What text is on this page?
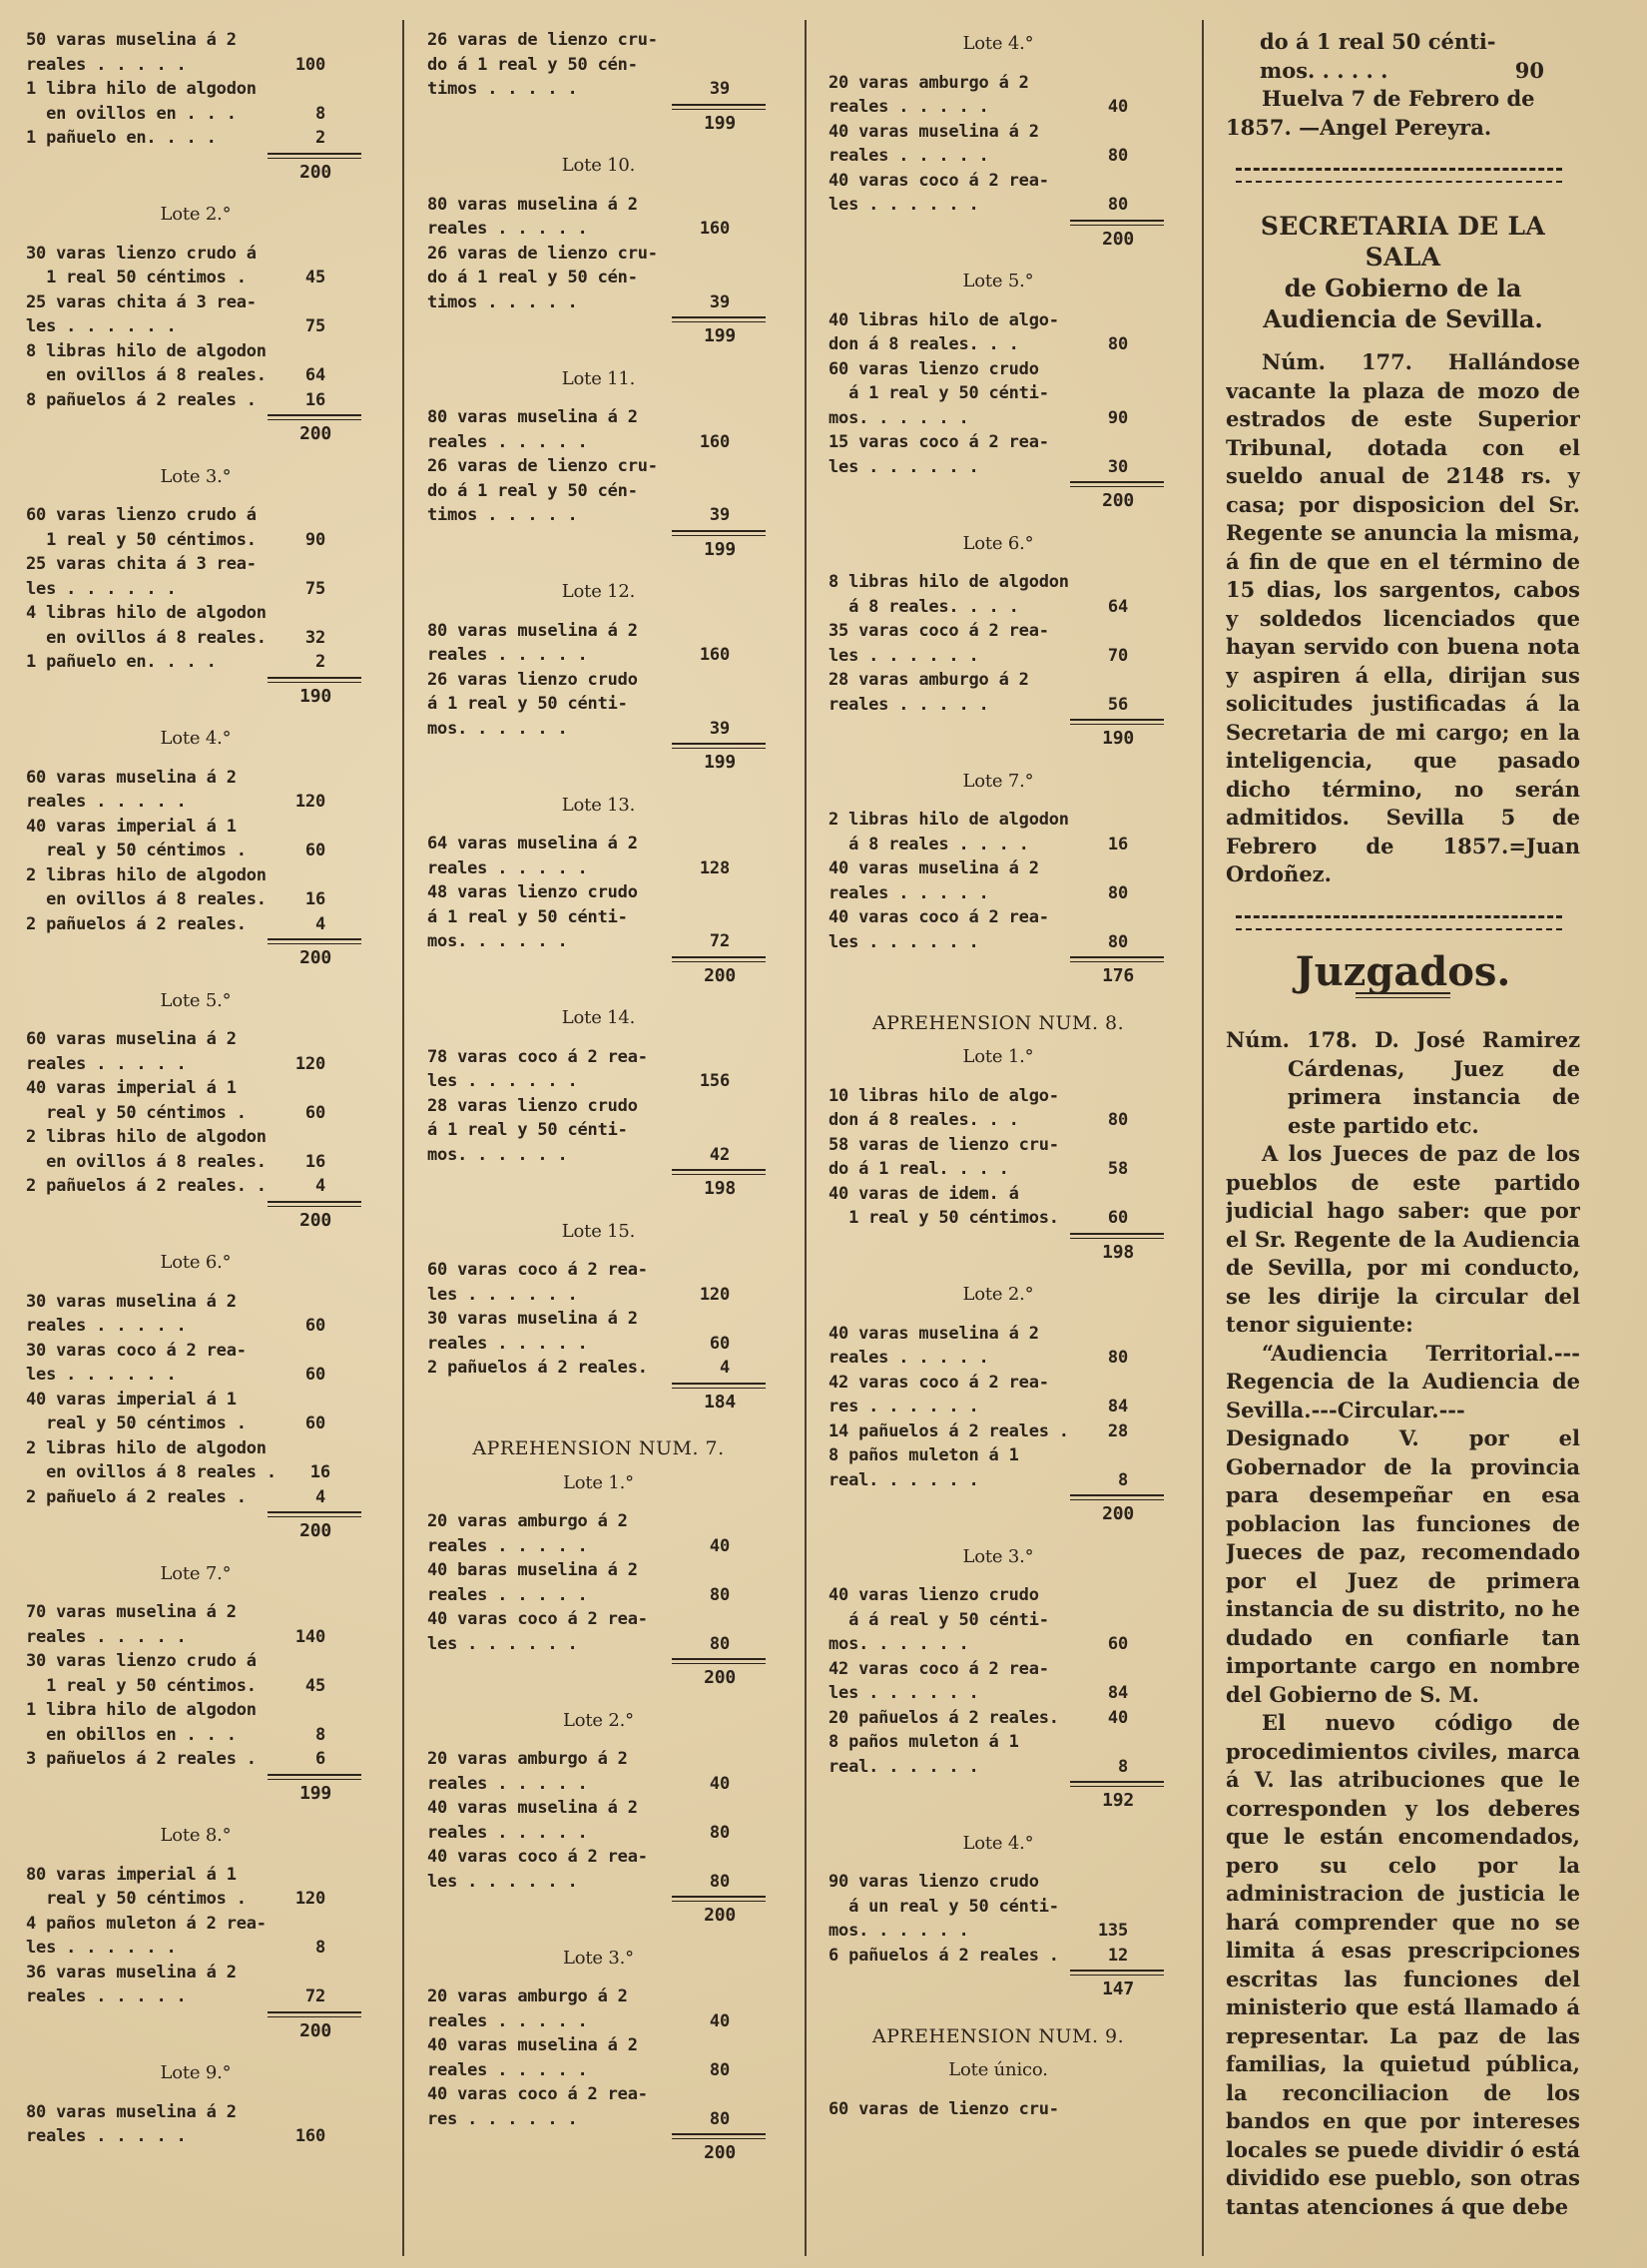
50 varas muselina á 2
reales . . . . .	100
1 libra hilo de algodon
en ovillos en . . .	8
1 pañuelo en. . . .	2
200
Lote 2.°
30 varas lienzo crudo á
1 real 50 céntimos .	45
25 varas chita á 3 rea-
les . . . . . .	75
8 libras hilo de algodon
en ovillos á 8 reales.	64
8 pañuelos á 2 reales .	16
200
Lote 3.°
60 varas lienzo crudo á
1 real y 50 céntimos.	90
25 varas chita á 3 rea-
les . . . . . .	75
4 libras hilo de algodon
en ovillos á 8 reales.	32
1 pañuelo en. . . .	2
190
Lote 4.°
60 varas muselina á 2
reales . . . . .	120
40 varas imperial á 1
real y 50 céntimos .	60
2 libras hilo de algodon
en ovillos á 8 reales.	16
2 pañuelos á 2 reales.	4
200
Lote 5.°
60 varas muselina á 2
reales . . . . .	120
40 varas imperial á 1
real y 50 céntimos .	60
2 libras hilo de algodon
en ovillos á 8 reales.	16
2 pañuelos á 2 reales. .	4
200
Lote 6.°
30 varas muselina á 2
reales . . . . .	60
30 varas coco á 2 rea-
les . . . . . .	60
40 varas imperial á 1
real y 50 céntimos .	60
2 libras hilo de algodon
en ovillos á 8 reales .	16
2 pañuelo á 2 reales .	4
200
Lote 7.°
70 varas muselina á 2
reales . . . . .	140
30 varas lienzo crudo á
1 real y 50 céntimos.	45
1 libra hilo de algodon
en obillos en . . .	8
3 pañuelos á 2 reales .	6
199
Lote 8.°
80 varas imperial á 1
real y 50 céntimos .	120
4 paños muleton á 2 rea-
les . . . . . .	8
36 varas muselina á 2
reales . . . . .	72
200
Lote 9.°
80 varas muselina á 2
reales . . . . .	160
26 varas de lienzo cru-
do á 1 real y 50 cén-
timos . . . . .	39
199
Lote 10.
80 varas muselina á 2
reales . . . . .	160
26 varas de lienzo cru-
do á 1 real y 50 cén-
timos . . . . .	39
199
Lote 11.
80 varas muselina á 2
reales . . . . .	160
26 varas de lienzo cru-
do á 1 real y 50 cén-
timos . . . . .	39
199
Lote 12.
80 varas muselina á 2
reales . . . . .	160
26 varas lienzo crudo
á 1 real y 50 cénti-
mos. . . . . .	39
199
Lote 13.
64 varas muselina á 2
reales . . . . .	128
48 varas lienzo crudo
á 1 real y 50 cénti-
mos. . . . . .	72
200
Lote 14.
78 varas coco á 2 rea-
les . . . . . .	156
28 varas lienzo crudo
á 1 real y 50 cénti-
mos. . . . . .	42
198
Lote 15.
60 varas coco á 2 rea-
les . . . . . .	120
30 varas muselina á 2
reales . . . . .	60
2 pañuelos á 2 reales.	4
184
APREHENSION NUM. 7.
Lote 1.°
20 varas amburgo á 2
reales . . . . .	40
40 baras muselina á 2
reales . . . . .	80
40 varas coco á 2 rea-
les . . . . . .	80
200
Lote 2.°
20 varas amburgo á 2
reales . . . . .	40
40 varas muselina á 2
reales . . . . .	80
40 varas coco á 2 rea-
les . . . . . .	80
200
Lote 3.°
20 varas amburgo á 2
reales . . . . .	40
40 varas muselina á 2
reales . . . . .	80
40 varas coco á 2 rea-
res . . . . . .	80
200
Lote 4.°
20 varas amburgo á 2
reales . . . . .	40
40 varas muselina á 2
reales . . . . .	80
40 varas coco á 2 rea-
les . . . . . .	80
200
Lote 5.°
40 libras hilo de algo-
don á 8 reales. . .	80
60 varas lienzo crudo
á 1 real y 50 cénti-
mos. . . . . .	90
15 varas coco á 2 rea-
les . . . . . .	30
200
Lote 6.°
8 libras hilo de algodon
á 8 reales. . . .	64
35 varas coco á 2 rea-
les . . . . . .	70
28 varas amburgo á 2
reales . . . . .	56
190
Lote 7.°
2 libras hilo de algodon
á 8 reales . . . .	16
40 varas muselina á 2
reales . . . . .	80
40 varas coco á 2 rea-
les . . . . . .	80
176
APREHENSION NUM. 8.
Lote 1.°
10 libras hilo de algo-
don á 8 reales. . .	80
58 varas de lienzo cru-
do á 1 real. . . .	58
40 varas de idem. á
1 real y 50 céntimos.	60
198
Lote 2.°
40 varas muselina á 2
reales . . . . .	80
42 varas coco á 2 rea-
res . . . . . .	84
14 pañuelos á 2 reales .	28
8 paños muleton á 1
real. . . . . .	8
200
Lote 3.°
40 varas lienzo crudo
á á real y 50 cénti-
mos. . . . . .	60
42 varas coco á 2 rea-
les . . . . . .	84
20 pañuelos á 2 reales.	40
8 paños muleton á 1
real. . . . . .	8
192
Lote 4.°
90 varas lienzo crudo
á un real y 50 cénti-
mos. . . . . .	135
6 pañuelos á 2 reales .	12
147
APREHENSION NUM. 9.
Lote único.
60 varas de lienzo cru-
do á 1 real 50 cénti-
mos. . . . . .	90

Huelva 7 de Febrero de 1857. —Angel Pereyra.

SECRETARIA DE LA SALA
de Gobierno de la Audiencia de Sevilla.

Núm. 177. Hallándose vacante la plaza de mozo de estrados de este Superior Tribunal, dotada con el sueldo anual de 2148 rs. y casa; por disposicion del Sr. Regente se anuncia la misma, á fin de que en el término de 15 dias, los sargentos, cabos y soldedos licenciados que hayan servido con buena nota y aspiren á ella, dirijan sus solicitudes justificadas á la Secretaria de mi cargo; en la inteligencia, que pasado dicho término, no serán admitidos. Sevilla 5 de Febrero de 1857.=Juan Ordoñez.

Juzgados.

Núm. 178. D. José Ramirez Cárdenas, Juez de primera instancia de este partido etc.

A los Jueces de paz de los pueblos de este partido judicial hago saber: que por el Sr. Regente de la Audiencia de Sevilla, por mi conducto, se les dirije la circular del tenor siguiente:

“Audiencia Territorial.---Regencia de la Audiencia de Sevilla.---Circular.---Designado V. por el Gobernador de la provincia para desempeñar en esa poblacion las funciones de Jueces de paz, recomendado por el Juez de primera instancia de su distrito, no he dudado en confiarle tan importante cargo en nombre del Gobierno de S. M.

El nuevo código de procedimientos civiles, marca á V. las atribuciones que le corresponden y los deberes que le están encomendados, pero su celo por la administracion de justicia le hará comprender que no se limita á esas prescripciones escritas las funciones del ministerio que está llamado á representar. La paz de las familias, la quietud pública, la reconciliacion de los bandos en que por intereses locales se puede dividir ó está dividido ese pueblo, son otras tantas atenciones á que debe
